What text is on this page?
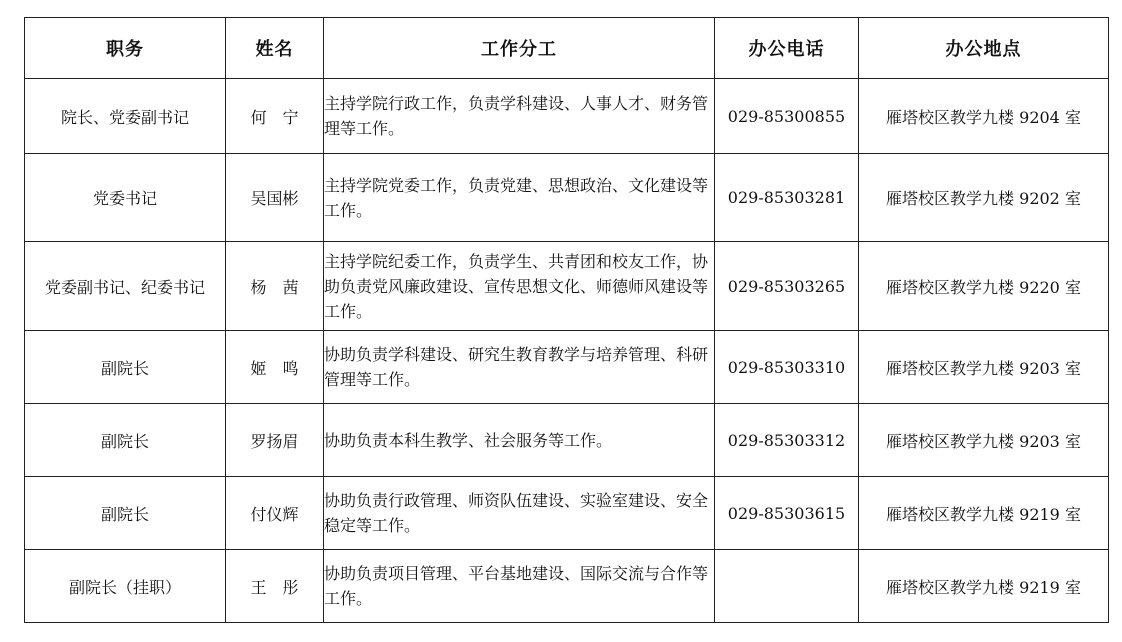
职务	姓名	工作分工	办公电话	办公地点
院长、党委副书记	何宁	主持学院行政工作，负责学科建设、人事人才、财务管理等工作。	029-85300855	雁塔校区教学九楼 9204 室
党委书记	吴国彬	主持学院党委工作，负责党建、思想政治、文化建设等工作。	029-85303281	雁塔校区教学九楼 9202 室
党委副书记、纪委书记	杨茜	主持学院纪委工作，负责学生、共青团和校友工作，协助负责党风廉政建设、宣传思想文化、师德师风建设等工作。	029-85303265	雁塔校区教学九楼 9220 室
副院长	姬鸣	协助负责学科建设、研究生教育教学与培养管理、科研管理等工作。	029-85303310	雁塔校区教学九楼 9203 室
副院长	罗扬眉	协助负责本科生教学、社会服务等工作。	029-85303312	雁塔校区教学九楼 9203 室
副院长	付仪辉	协助负责行政管理、师资队伍建设、实验室建设、安全稳定等工作。	029-85303615	雁塔校区教学九楼 9219 室
副院长（挂职）	王彤	协助负责项目管理、平台基地建设、国际交流与合作等工作。		雁塔校区教学九楼 9219 室
